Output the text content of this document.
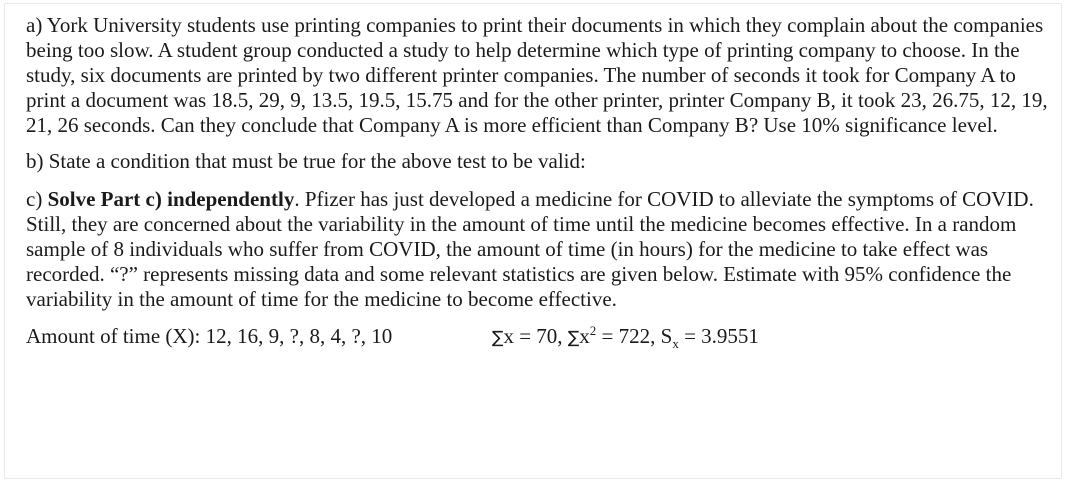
a) York University students use printing companies to print their documents in which they complain about the companies being too slow. A student group conducted a study to help determine which type of printing company to choose. In the study, six documents are printed by two different printer companies. The number of seconds it took for Company A to print a document was 18.5, 29, 9, 13.5, 19.5, 15.75 and for the other printer, printer Company B, it took 23, 26.75, 12, 19, 21, 26 seconds. Can they conclude that Company A is more efficient than Company B? Use 10% significance level.

b) State a condition that must be true for the above test to be valid:

c) Solve Part c) independently. Pfizer has just developed a medicine for COVID to alleviate the symptoms of COVID. Still, they are concerned about the variability in the amount of time until the medicine becomes effective. In a random sample of 8 individuals who suffer from COVID, the amount of time (in hours) for the medicine to take effect was recorded. “?” represents missing data and some relevant statistics are given below. Estimate with 95% confidence the variability in the amount of time for the medicine to become effective.

Amount of time (X): 12, 16, 9, ?, 8, 4, ?, 10	∑x = 70, $\sum x^2 = 722$, $S_x = 3.9551$
